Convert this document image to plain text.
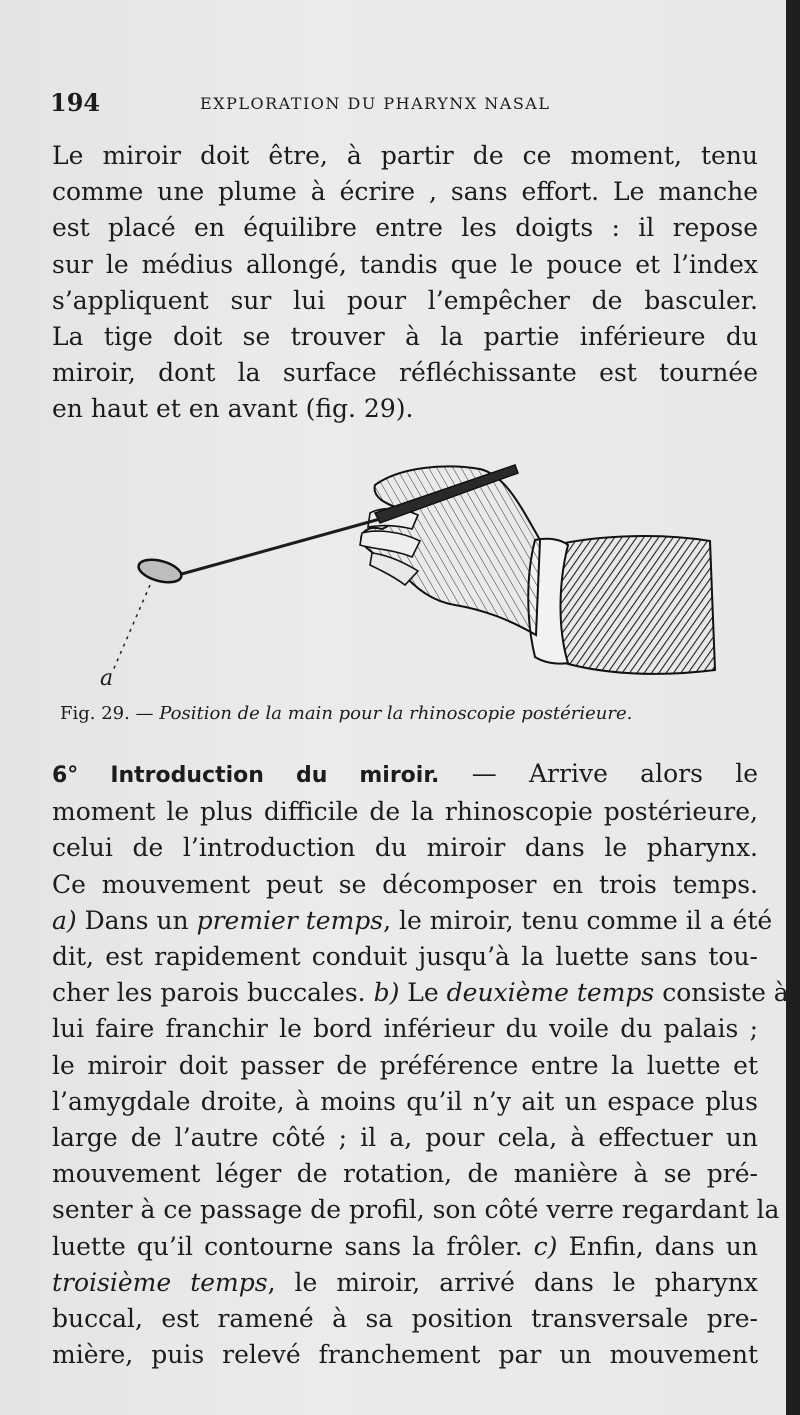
194	EXPLORATION DU PHARYNX NASAL
Le miroir doit être, à partir de ce moment, tenu
comme une plume à écrire , sans effort. Le manche
est placé en équilibre entre les doigts : il repose
sur le médius allongé, tandis que le pouce et l’index
s’appliquent sur lui pour l’empêcher de basculer.
La tige doit se trouver à la partie inférieure du
miroir, dont la surface réfléchissante est tournée
en haut et en avant (fig. 29).
a
Fig. 29. — Position de la main pour la rhinoscopie postérieure.
6° Introduction du miroir. — Arrive alors le
moment le plus difficile de la rhinoscopie postérieure,
celui de l’introduction du miroir dans le pharynx.
Ce mouvement peut se décomposer en trois temps.
a) Dans un premier temps, le miroir, tenu comme il a été
dit, est rapidement conduit jusqu’à la luette sans tou-
cher les parois buccales. b) Le deuxième temps consiste à
lui faire franchir le bord inférieur du voile du palais ;
le miroir doit passer de préférence entre la luette et
l’amygdale droite, à moins qu’il n’y ait un espace plus
large de l’autre côté ; il a, pour cela, à effectuer un
mouvement léger de rotation, de manière à se pré-
senter à ce passage de profil, son côté verre regardant la
luette qu’il contourne sans la frôler. c) Enfin, dans un
troisième temps, le miroir, arrivé dans le pharynx
buccal, est ramené à sa position transversale pre-
mière, puis relevé franchement par un mouvement
